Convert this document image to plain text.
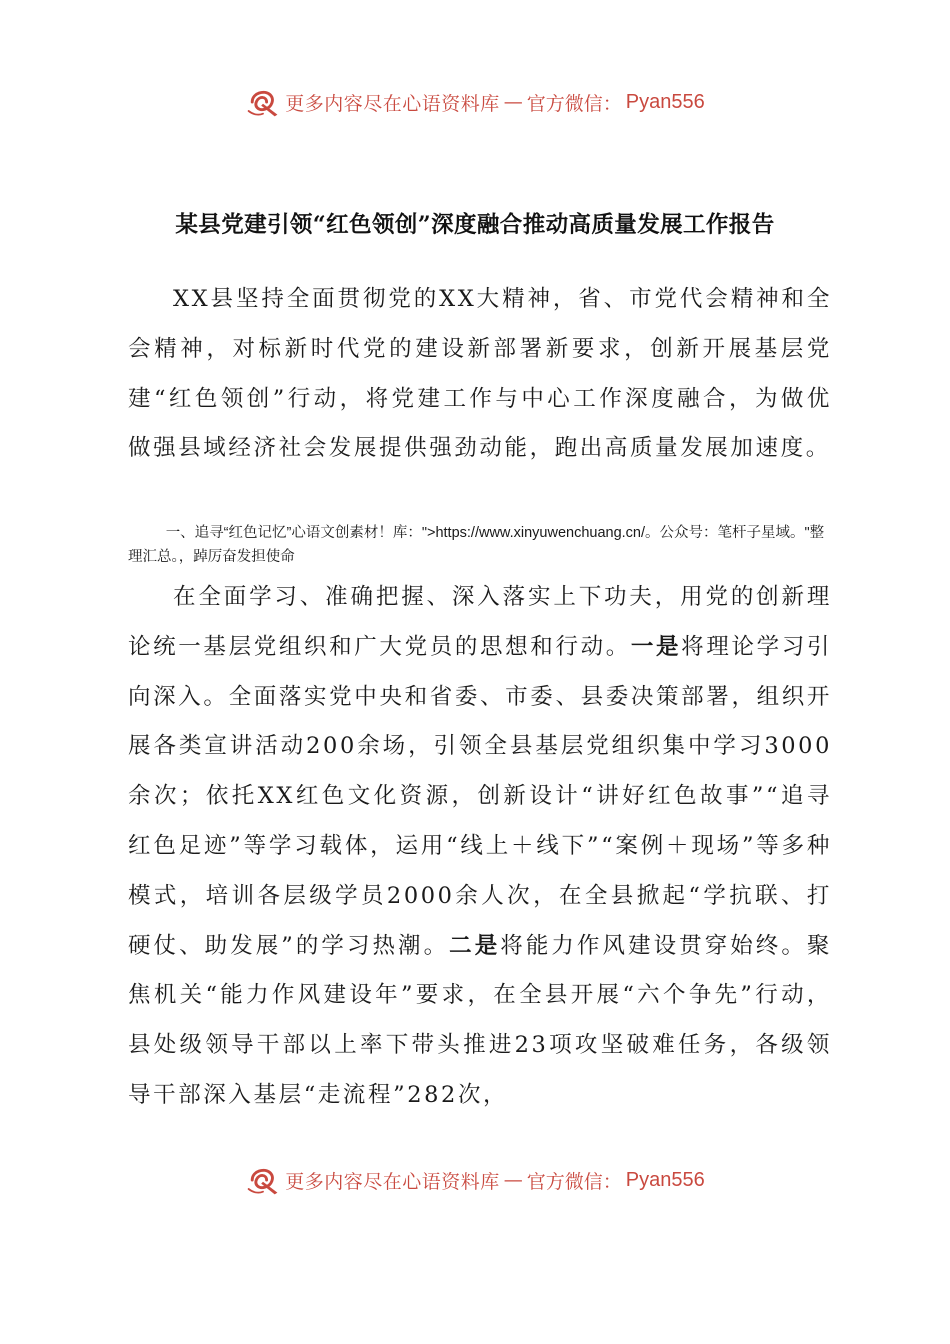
更多内容尽在心语资料库 — 官方微信： Pyan556
某县党建引领“红色领创”深度融合推动高质量发展工作报告

XX县坚持全面贯彻党的XX大精神，省、市党代会精神和全会精神，对标新时代党的建设新部署新要求，创新开展基层党建“红色领创”行动，将党建工作与中心工作深度融合，为做优做强县域经济社会发展提供强劲动能，跑出高质量发展加速度。

一、追寻“红色记忆”心语文创素材！库：">https://www.xinyuwenchuang.cn/。公众号：笔杆子星域。"整理汇总。，踔厉奋发担使命

在全面学习、准确把握、深入落实上下功夫，用党的创新理论统一基层党组织和广大党员的思想和行动。一是将理论学习引向深入。全面落实党中央和省委、市委、县委决策部署，组织开展各类宣讲活动200余场，引领全县基层党组织集中学习3000余次；依托XX红色文化资源，创新设计“讲好红色故事”“追寻红色足迹”等学习载体，运用“线上＋线下”“案例＋现场”等多种模式，培训各层级学员2000余人次，在全县掀起“学抗联、打硬仗、助发展”的学习热潮。二是将能力作风建设贯穿始终。聚焦机关“能力作风建设年”要求，在全县开展“六个争先”行动，县处级领导干部以上率下带头推进23项攻坚破难任务，各级领导干部深入基层“走流程”282次，

更多内容尽在心语资料库 — 官方微信： Pyan556
